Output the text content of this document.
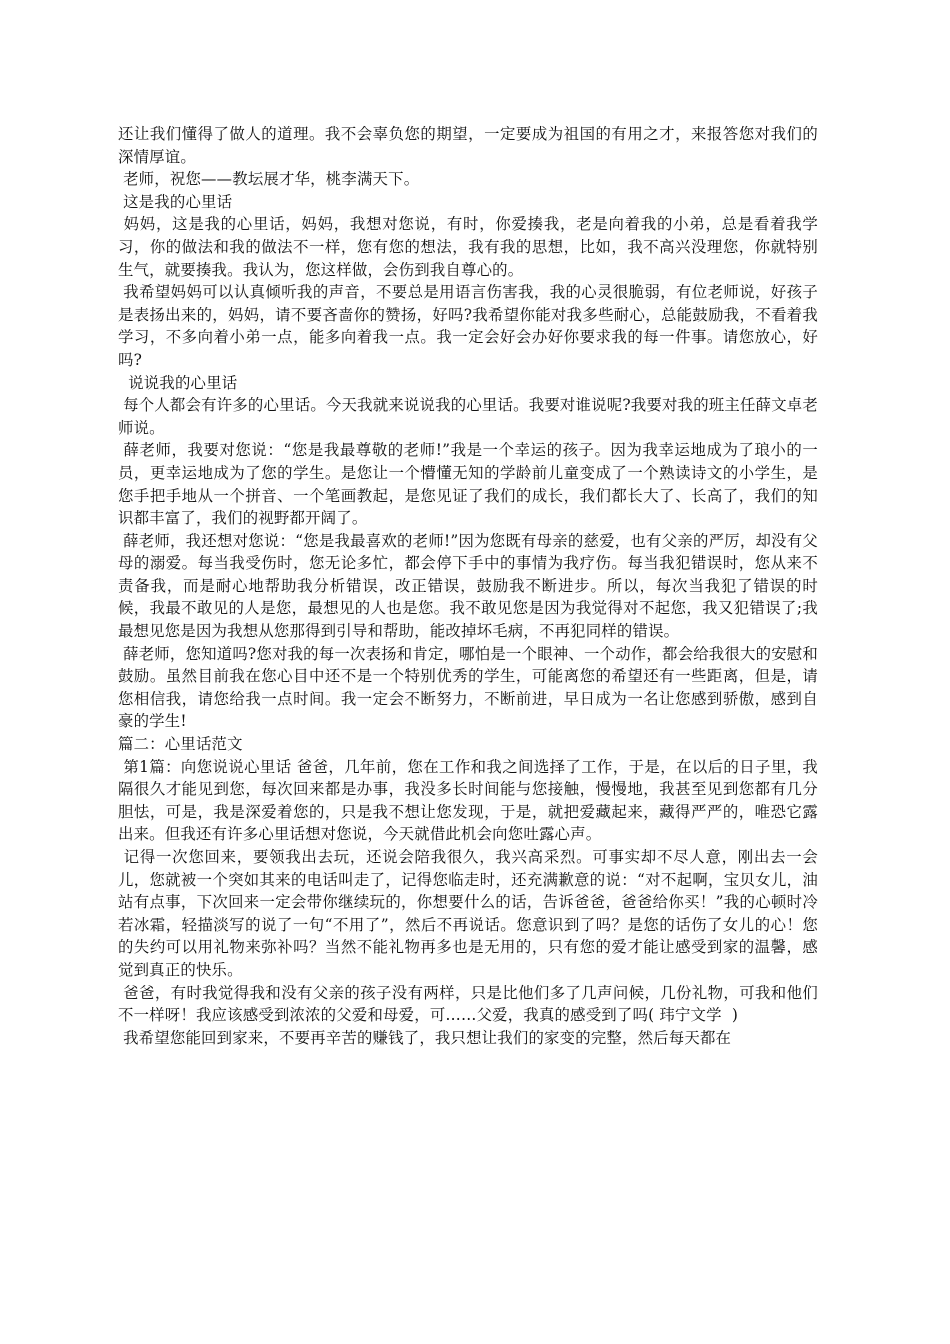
还让我们懂得了做人的道理。我不会辜负您的期望，一定要成为祖国的有用之才，来报答您对我们的深情厚谊。

老师，祝您——教坛展才华，桃李满天下。

这是我的心里话

妈妈，这是我的心里话，妈妈，我想对您说，有时，你爱揍我，老是向着我的小弟，总是看着我学习，你的做法和我的做法不一样，您有您的想法，我有我的思想，比如，我不高兴没理您，你就特别生气，就要揍我。我认为，您这样做，会伤到我自尊心的。

我希望妈妈可以认真倾听我的声音，不要总是用语言伤害我，我的心灵很脆弱，有位老师说，好孩子是表扬出来的，妈妈，请不要吝啬你的赞扬，好吗?我希望你能对我多些耐心，总能鼓励我，不看着我学习，不多向着小弟一点，能多向着我一点。我一定会好会办好你要求我的每一件事。请您放心，好吗?

说说我的心里话

每个人都会有许多的心里话。今天我就来说说我的心里话。我要对谁说呢?我要对我的班主任薛文卓老师说。

薛老师，我要对您说：“您是我最尊敬的老师!”我是一个幸运的孩子。因为我幸运地成为了琅小的一员，更幸运地成为了您的学生。是您让一个懵懂无知的学龄前儿童变成了一个熟读诗文的小学生，是您手把手地从一个拼音、一个笔画教起，是您见证了我们的成长，我们都长大了、长高了，我们的知识都丰富了，我们的视野都开阔了。

薛老师，我还想对您说：“您是我最喜欢的老师!”因为您既有母亲的慈爱，也有父亲的严厉，却没有父母的溺爱。每当我受伤时，您无论多忙，都会停下手中的事情为我疗伤。每当我犯错误时，您从来不责备我，而是耐心地帮助我分析错误，改正错误，鼓励我不断进步。所以，每次当我犯了错误的时候，我最不敢见的人是您，最想见的人也是您。我不敢见您是因为我觉得对不起您，我又犯错误了;我最想见您是因为我想从您那得到引导和帮助，能改掉坏毛病，不再犯同样的错误。

薛老师，您知道吗?您对我的每一次表扬和肯定，哪怕是一个眼神、一个动作，都会给我很大的安慰和鼓励。虽然目前我在您心目中还不是一个特别优秀的学生，可能离您的希望还有一些距离，但是，请您相信我，请您给我一点时间。我一定会不断努力，不断前进，早日成为一名让您感到骄傲，感到自豪的学生!

篇二：心里话范文

第1篇：向您说说心里话 爸爸，几年前，您在工作和我之间选择了工作，于是，在以后的日子里，我隔很久才能见到您，每次回来都是办事，我没多长时间能与您接触，慢慢地，我甚至见到您都有几分胆怯，可是，我是深爱着您的，只是我不想让您发现，于是，就把爱藏起来，藏得严严的，唯恐它露出来。但我还有许多心里话想对您说，今天就借此机会向您吐露心声。

记得一次您回来，要领我出去玩，还说会陪我很久，我兴高采烈。可事实却不尽人意，刚出去一会儿，您就被一个突如其来的电话叫走了，记得您临走时，还充满歉意的说：“对不起啊，宝贝女儿，油站有点事，下次回来一定会带你继续玩的，你想要什么的话，告诉爸爸，爸爸给你买！”我的心顿时冷若冰霜，轻描淡写的说了一句“不用了”，然后不再说话。您意识到了吗？是您的话伤了女儿的心！您的失约可以用礼物来弥补吗？当然不能礼物再多也是无用的，只有您的爱才能让感受到家的温馨，感觉到真正的快乐。

爸爸，有时我觉得我和没有父亲的孩子没有两样，只是比他们多了几声问候，几份礼物，可我和他们不一样呀！我应该感受到浓浓的父爱和母爱，可……父爱，我真的感受到了吗( 玮宁文学  )

我希望您能回到家来，不要再辛苦的赚钱了，我只想让我们的家变的完整，然后每天都在
